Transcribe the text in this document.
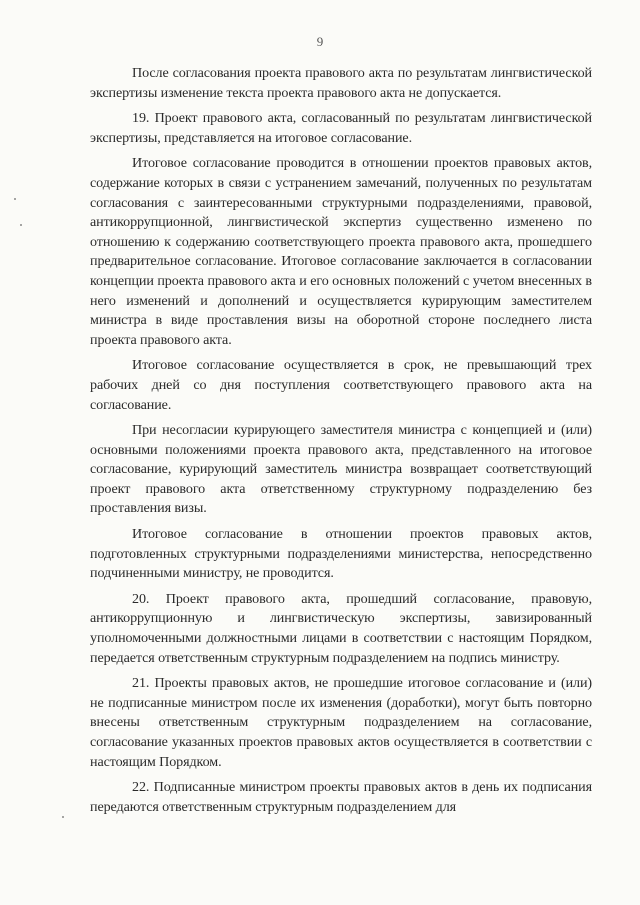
9

После согласования проекта правового акта по результатам лингвистической экспертизы изменение текста проекта правового акта не допускается.

19. Проект правового акта, согласованный по результатам лингвистической экспертизы, представляется на итоговое согласование.

Итоговое согласование проводится в отношении проектов правовых актов, содержание которых в связи с устранением замечаний, полученных по результатам согласования с заинтересованными структурными подразделениями, правовой, антикоррупционной, лингвистической экспертиз существенно изменено по отношению к содержанию соответствующего проекта правового акта, прошедшего предварительное согласование. Итоговое согласование заключается в согласовании концепции проекта правового акта и его основных положений с учетом внесенных в него изменений и дополнений и осуществляется курирующим заместителем министра в виде проставления визы на оборотной стороне последнего листа проекта правового акта.

Итоговое согласование осуществляется в срок, не превышающий трех рабочих дней со дня поступления соответствующего правового акта на согласование.

При несогласии курирующего заместителя министра с концепцией и (или) основными положениями проекта правового акта, представленного на итоговое согласование, курирующий заместитель министра возвращает соответствующий проект правового акта ответственному структурному подразделению без проставления визы.

Итоговое согласование в отношении проектов правовых актов, подготовленных структурными подразделениями министерства, непосредственно подчиненными министру, не проводится.

20. Проект правового акта, прошедший согласование, правовую, антикоррупционную и лингвистическую экспертизы, завизированный уполномоченными должностными лицами в соответствии с настоящим Порядком, передается ответственным структурным подразделением на подпись министру.

21. Проекты правовых актов, не прошедшие итоговое согласование и (или) не подписанные министром после их изменения (доработки), могут быть повторно внесены ответственным структурным подразделением на согласование, согласование указанных проектов правовых актов осуществляется в соответствии с настоящим Порядком.

22. Подписанные министром проекты правовых актов в день их подписания передаются ответственным структурным подразделением для
